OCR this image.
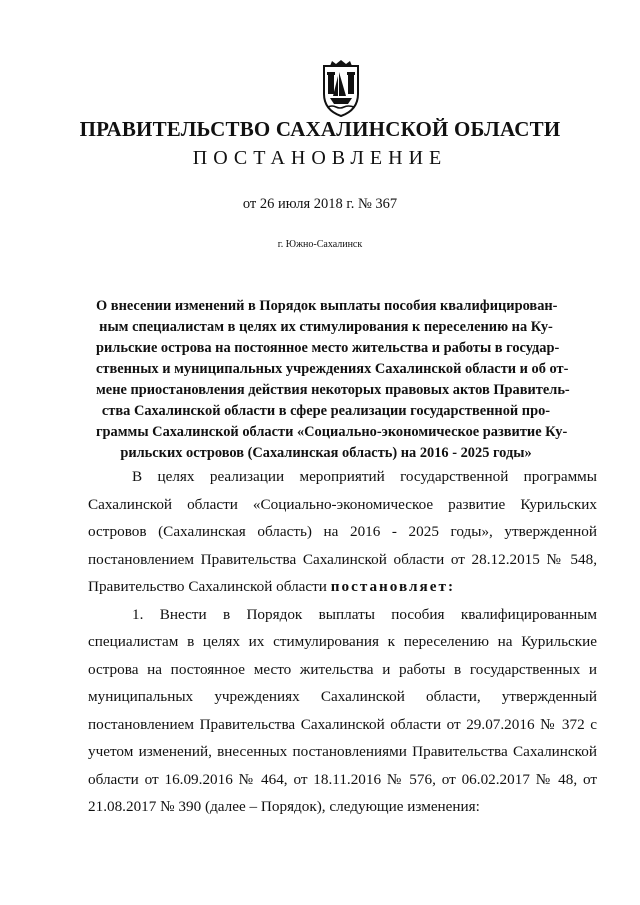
ПРАВИТЕЛЬСТВО САХАЛИНСКОЙ ОБЛАСТИ
ПОСТАНОВЛЕНИЕ
от 26 июля 2018 г. № 367
г. Южно-Сахалинск
О внесении изменений в Порядок выплаты пособия квалифицирован-
ным специалистам в целях их стимулирования к переселению на Ку-
рильские острова на постоянное место жительства и работы в государ-
ственных и муниципальных учреждениях Сахалинской области и об от-
мене приостановления действия некоторых правовых актов Правитель-
ства Сахалинской области в сфере реализации государственной про-
граммы Сахалинской области «Социально-экономическое развитие Ку-
рильских островов (Сахалинская область) на 2016 - 2025 годы»
В целях реализации мероприятий государственной программы
Сахалинской области «Социально-экономическое развитие Курильских
островов (Сахалинская область) на 2016 - 2025 годы», утвержденной
постановлением Правительства Сахалинской области от 28.12.2015 № 548,
Правительство Сахалинской области постановляет:
1. Внести в Порядок выплаты пособия квалифицированным
специалистам в целях их стимулирования к переселению на Курильские
острова на постоянное место жительства и работы в государственных и
муниципальных учреждениях Сахалинской области, утвержденный
постановлением Правительства Сахалинской области от 29.07.2016 № 372 с
учетом изменений, внесенных постановлениями Правительства Сахалинской
области от 16.09.2016 № 464, от 18.11.2016 № 576, от 06.02.2017 № 48, от
21.08.2017 № 390 (далее – Порядок), следующие изменения:
